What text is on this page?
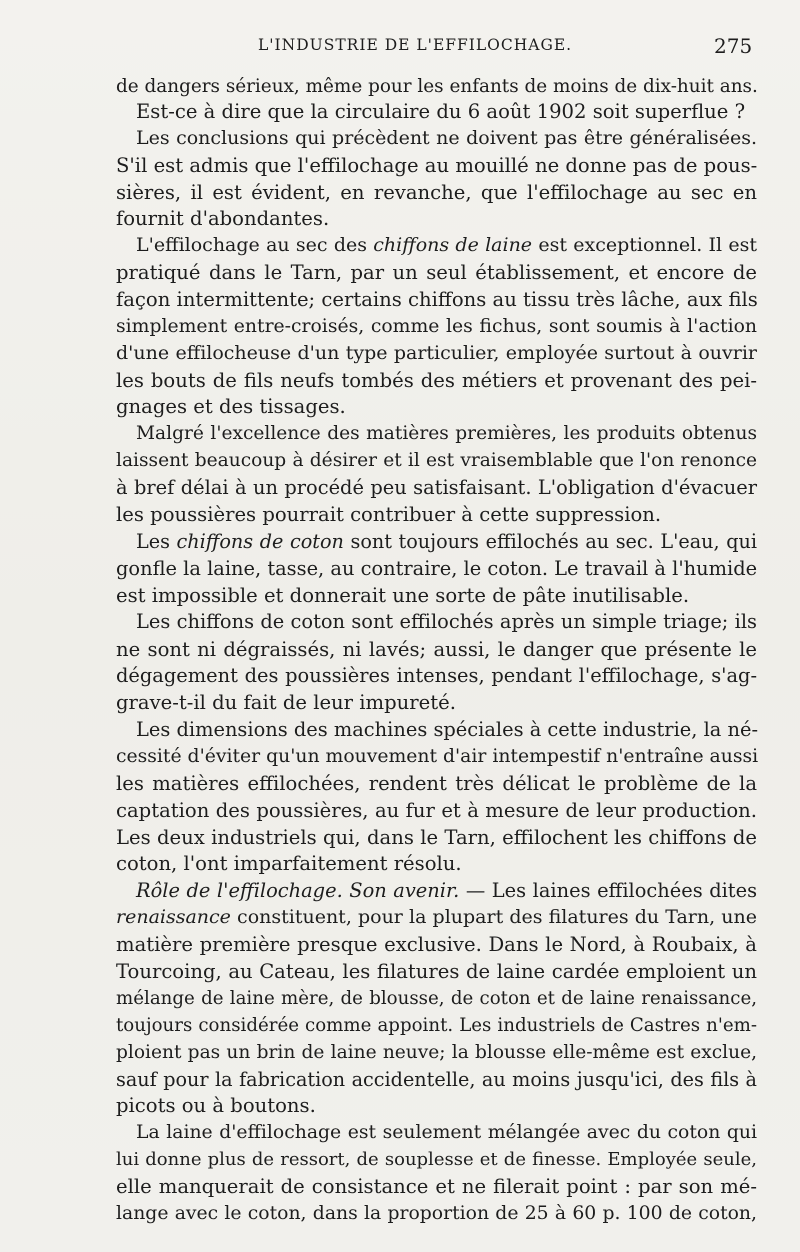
L'INDUSTRIE DE L'EFFILOCHAGE.	275
de dangers sérieux, même pour les enfants de moins de dix-huit ans.
Est-ce à dire que la circulaire du 6 août 1902 soit superflue ?
Les conclusions qui précèdent ne doivent pas être généralisées.
S'il est admis que l'effilochage au mouillé ne donne pas de pous-
sières, il est évident, en revanche, que l'effilochage au sec en
fournit d'abondantes.
L'effilochage au sec des chiffons de laine est exceptionnel. Il est
pratiqué dans le Tarn, par un seul établissement, et encore de
façon intermittente; certains chiffons au tissu très lâche, aux fils
simplement entre-croisés, comme les fichus, sont soumis à l'action
d'une effilocheuse d'un type particulier, employée surtout à ouvrir
les bouts de fils neufs tombés des métiers et provenant des pei-
gnages et des tissages.
Malgré l'excellence des matières premières, les produits obtenus
laissent beaucoup à désirer et il est vraisemblable que l'on renonce
à bref délai à un procédé peu satisfaisant. L'obligation d'évacuer
les poussières pourrait contribuer à cette suppression.
Les chiffons de coton sont toujours effilochés au sec. L'eau, qui
gonfle la laine, tasse, au contraire, le coton. Le travail à l'humide
est impossible et donnerait une sorte de pâte inutilisable.
Les chiffons de coton sont effilochés après un simple triage; ils
ne sont ni dégraissés, ni lavés; aussi, le danger que présente le
dégagement des poussières intenses, pendant l'effilochage, s'ag-
grave-t-il du fait de leur impureté.
Les dimensions des machines spéciales à cette industrie, la né-
cessité d'éviter qu'un mouvement d'air intempestif n'entraîne aussi
les matières effilochées, rendent très délicat le problème de la
captation des poussières, au fur et à mesure de leur production.
Les deux industriels qui, dans le Tarn, effilochent les chiffons de
coton, l'ont imparfaitement résolu.
Rôle de l'effilochage. Son avenir. — Les laines effilochées dites
renaissance constituent, pour la plupart des filatures du Tarn, une
matière première presque exclusive. Dans le Nord, à Roubaix, à
Tourcoing, au Cateau, les filatures de laine cardée emploient un
mélange de laine mère, de blousse, de coton et de laine renaissance,
toujours considérée comme appoint. Les industriels de Castres n'em-
ploient pas un brin de laine neuve; la blousse elle-même est exclue,
sauf pour la fabrication accidentelle, au moins jusqu'ici, des fils à
picots ou à boutons.
La laine d'effilochage est seulement mélangée avec du coton qui
lui donne plus de ressort, de souplesse et de finesse. Employée seule,
elle manquerait de consistance et ne filerait point : par son mé-
lange avec le coton, dans la proportion de 25 à 60 p. 100 de coton,
